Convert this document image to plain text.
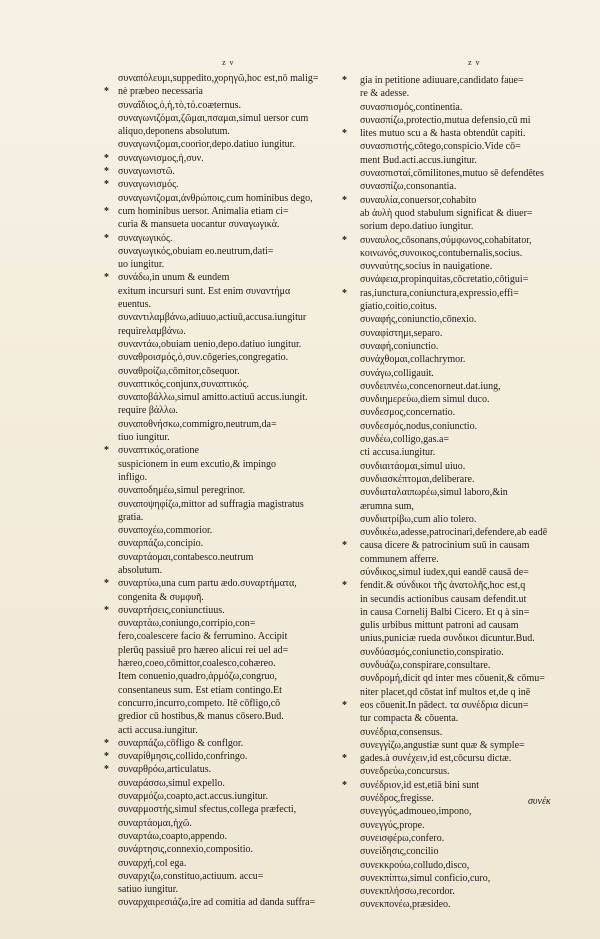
z v	z v
συναπόλευμι,suppedito,χορηγῶ,hoc est,nō malig=
* nè præbeo necessaria
συναΐδιος,ὁ,ἡ,τὸ,τό.coæternus.
συναγωνιζόμαι,ζῶμαι,πσαμαι,simul uersor cum
aliquo,deponens absolutum.
συναγωνιζομαι,coorior,depo.datiuo iungitur.
* συναγωνισμος,ἡ,συν.
* συναγωνιστῶ.
* συναγωνισμός.
συναγωνιζομαι,ἀνθρώποις,cum hominibus dego,
* cum hominibus uersor. Animalia etiam ci=
curia & mansueta uocantur συναγωγικὰ.
* συναγωγικός.
συναγωγικός,obuiam eo.neutrum,dati=
uo iungitur.
* συνάδω,in unum & eundem
exitum incursuri sunt. Est enim συναντήμα
euentus.
συναντιλαμβάνω,adiuuo,actiuū,accusa.iungitur
requireλαμβάνω.
συναντάω,obuiam uenio,depo.datiuo iungitur.
συναθροισμός,ὁ,συν.cōgeries,congregatio.
συναθροίζω,cōmitor,cōsequor.
συναπτικός,conjunx,συναπτικός.
συναποβάλλω,simul amitto.actiuū accus.iungit.
require βάλλω.
συναποθνήσκω,commigro,neutrum,da=
tiuo iungitur.
* συναπτικός,oratione
suspicionem in eum excutio,& impingo
infligo.
συναποδημέω,simul peregrinor.
συναποψηφίζω,mittor ad suffragia magistratus
gratia.
συναποχέω,commorior.
συναρπάζω,concipio.
συναρτάομαι,contabesco.neutrum
absolutum.
* συναρτύω,una cum partu ædo.συναρτήματα,
congenita & συμφυῆ.
* συναρτήσεις,coniunctiuus.
συναρτάω,coniungo,corripio,con=
fero,coalescere facio & ferrumino. Accipit
plerūq passiuē pro hæreo alicui rei uel ad=
hæreo,coeo,cōmittor,coalesco,cohæreo.
Item conuenio,quadro,ἁρμόζω,congruo,
consentaneus sum. Est etiam contingo.Et
concurro,incurro,competo. Itē cōfligo,cō
gredior cū hostibus,& manus cōsero.Bud.
acti accusa.iungitur.
* συναρπάζω,cōfligo & conflgor.
* συναρίθμησις,collido,confringo.
* συναρθρόω,articulatus.
συναράσσω,simul expello.
συναρμόζω,coapto,act.accus.iungitur.
συναρμοστής,simul sfectus,collega præfecti,
συναρτάομαι,ἠχῶ.
συναρτάω,coapto,appendo.
συνάρτησις,connexio,compositio.
συναρχή,col ega.
συναρχιζω,constituo,actiuum. accu=
satiuo iungitur.
συναρχαιρεσιάζω,ire ad comitia ad danda suffra=
* gia in petitione adiuuare,candidato faue=
re & adesse.
συνασπισμός,continentia.
συνασπίζω,protectio,mutua defensio,cū mi
* lites mutuo scu a & hasta obtendūt capiti.
συνασπιστής,cōtego,conspicio.Vide cō=
ment Bud.acti.accus.iungitur.
συνασπισταί,cōmilitones,mutuo sē defendētes
συνασπίζω,consonantia.
* συναυλία,conuersor,cohabito
ab ἀυλὴ quod stabulum significat & diuer=
sorium depo.datiuo iungitur.
* συναυλος,cōsonans,σύμφωνος,cohabitator,
κοινωνός,συνοικος,contubernalis,socius.
συνναύτης,socius in nauigatione.
συνάφεια,propinquitas,cōcretatio,cōtigui=
* ras,iunctura,coniunctura,expressio,effi=
giatio,coitio,coitus.
συναφής,coniunctio,cōnexio.
συναφίστημι,separo.
συναφή,coniunctio.
συνάχθομαι,collachrymor.
συνάγω,colligauit.
συνδειπνέω,concenorneut.dat.iung,
συνδιημερεύω,diem simul duco.
συνδεσμος,concernatio.
συνδεσμός,nodus,coniunctio.
συνδέω,colligo,gas.a=
cti accusa.iungitur.
συνδιαιτάομαι,simul uiuo.
συνδιασκέπτομαι,deliberare.
συνδιαταλαιπωρέω,simul laboro,&in
ærumna sum,
συνδιατρίβω,cum alio tolero.
συνδικέω,adesse,patrocinari,defendere,ab eadē
* causa dicere & patrocinium suū in causam
communem afferre.
σύνδικος,simul iudex,qui eandē causā de=
* fendit.& σύνδικοι τῆς ἀνατολῆς,hoc est,q
in secundis actionibus causam defendit.ut
in causa Cornelij Balbi Cicero. Et q à sin=
gulis urbibus mittunt patroni ad causam
unius,puniciæ rueda συνδικοι dicuntur.Bud.
συνδύασμός,coniunctio,conspiratio.
συνδυάζω,conspirare,consultare.
συνδρομή,dicit qd inter mes cōuenit,& cōmu=
niter placet,qd cōstat inf multos et,de q inē
* eos cōuenit.In pādect. τα συνέδρια dicun=
tur compacta & cōuenta.
συνέδρια,consensus.
συνεγγίζω,angustiæ sunt quæ & symple=
* gades.à συνέχειν,id est,cōcursu dictæ.
συνεδρεύω,concursus.
* συνέδριον,id est,etiā bini sunt
συνέδρος,fregisse.
συνεγγύς,admoueo,impono,
συνεγγύς,prope.
συνεισφέρω,confero.
συνείδησις,concilio
συνεκκρούω,colludo,disco,
συνεκπίπτω,simul conficio,curo,
συνεκπλήσσω,recordor.
συνεκπονέω,præsideo.
συνέκ
